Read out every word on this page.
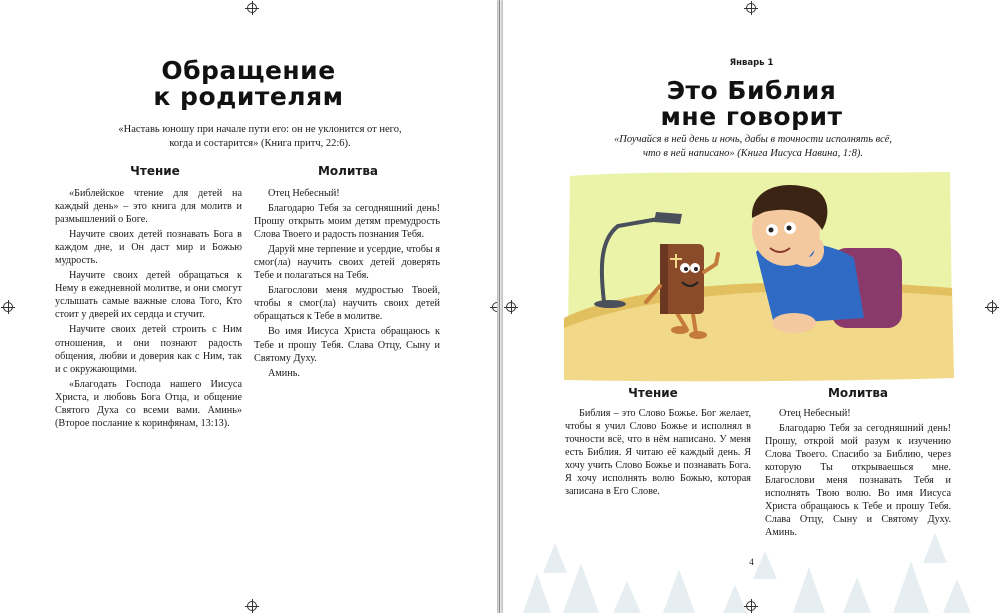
Обращение
к родителям
«Наставь юношу при начале пути его: он не уклонится от него, когда и состарится» (Книга притч, 22:6).
Чтение	Молитва

«Библейское чтение для детей на каждый день» – это книга для молитв и размышлений о Боге.

Научите своих детей познавать Бога в каждом дне, и Он даст мир и Божью мудрость.

Научите своих детей обращаться к Нему в ежедневной молитве, и они смогут услышать самые важные слова Того, Кто стоит у дверей их сердца и стучит.

Научите своих детей строить с Ним отношения, и они познают радость общения, любви и доверия как с Ним, так и с окружающими.

«Благодать Господа нашего Иисуса Христа, и любовь Бога Отца, и общение Святого Духа со всеми вами. Аминь» (Второе послание к коринфянам, 13:13).

Отец Небесный!

Благодарю Тебя за сегодняшний день! Прошу открыть моим детям премудрость Слова Твоего и радость познания Тебя.

Даруй мне терпение и усердие, чтобы я смог(ла) научить своих детей доверять Тебе и полагаться на Тебя.

Благослови меня мудростью Твоей, чтобы я смог(ла) научить своих детей обращаться к Тебе в молитве.

Во имя Иисуса Христа обращаюсь к Тебе и прошу Тебя. Слава Отцу, Сыну и Святому Духу.

Аминь.

Январь 1
Это Библия
мне говорит
«Поучайся в ней день и ночь, дабы в точности исполнять всё, что в ней написано» (Книга Иисуса Навина, 1:8).
Чтение	Молитва

Библия – это Слово Божье. Бог желает, чтобы я учил Слово Божье и исполнял в точности всё, что в нём написано. У меня есть Библия. Я читаю её каждый день. Я хочу учить Слово Божье и познавать Бога. Я хочу исполнять волю Божью, которая записана в Его Слове.

Отец Небесный!

Благодарю Тебя за сегодняшний день! Прошу, открой мой разум к изучению Слова Твоего. Спасибо за Библию, через которую Ты открываешься мне. Благослови меня познавать Тебя и исполнять Твою волю. Во имя Иисуса Христа обращаюсь к Тебе и прошу Тебя. Слава Отцу, Сыну и Святому Духу. Аминь.

4
